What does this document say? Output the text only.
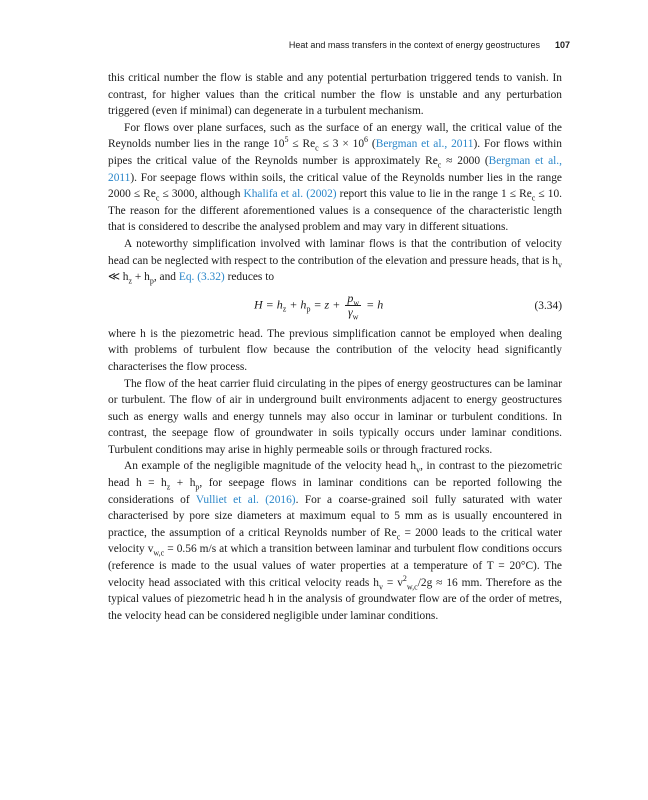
Heat and mass transfers in the context of energy geostructures 107

this critical number the flow is stable and any potential perturbation triggered tends to vanish. In contrast, for higher values than the critical number the flow is unstable and any perturbation triggered (even if minimal) can degenerate in a turbulent mechanism.

For flows over plane surfaces, such as the surface of an energy wall, the critical value of the Reynolds number lies in the range $10^5 \le Re_c \le 3 \times 10^6$ (Bergman et al., 2011). For flows within pipes the critical value of the Reynolds number is approximately $Re_c \approx 2000$ (Bergman et al., 2011). For seepage flows within soils, the critical value of the Reynolds number lies in the range $2000 \le Re_c \le 3000$, although Khalifa et al. (2002) report this value to lie in the range $1 \le Re_c \le 10$. The reason for the different aforementioned values is a consequence of the characteristic length that is considered to describe the analysed problem and may vary in different situations.

A noteworthy simplification involved with laminar flows is that the contribution of velocity head can be neglected with respect to the contribution of the elevation and pressure heads, that is $h_v$ ≪ $h_z + h_p$, and Eq. (3.32) reduces to

$H = h_z + h_p = z + \frac{p_w}{\gamma_w} = h$	(3.34)

where h is the piezometric head. The previous simplification cannot be employed when dealing with problems of turbulent flow because the contribution of the velocity head significantly characterises the flow process.

The flow of the heat carrier fluid circulating in the pipes of energy geostructures can be laminar or turbulent. The flow of air in underground built environments adjacent to energy geostructures such as energy walls and energy tunnels may also occur in laminar or turbulent conditions. In contrast, the seepage flow of groundwater in soils typically occurs under laminar conditions. Turbulent conditions may arise in highly permeable soils or through fractured rocks.

An example of the negligible magnitude of the velocity head $h_v$, in contrast to the piezometric head $h = h_z + h_p$, for seepage flows in laminar conditions can be reported following the considerations of Vulliet et al. (2016). For a coarse-grained soil fully saturated with water characterised by pore size diameters at maximum equal to 5 mm as is usually encountered in practice, the assumption of a critical Reynolds number of $Re_c = 2000$ leads to the critical water velocity $v_{w,c} = 0.56$ m/s at which a transition between laminar and turbulent flow conditions occurs (reference is made to the usual values of water properties at a temperature of T = 20°C). The velocity head associated with this critical velocity reads $h_v = v^2_{w,c}/2g \approx 16$ mm. Therefore as the typical values of piezometric head h in the analysis of groundwater flow are of the order of metres, the velocity head can be considered negligible under laminar conditions.
